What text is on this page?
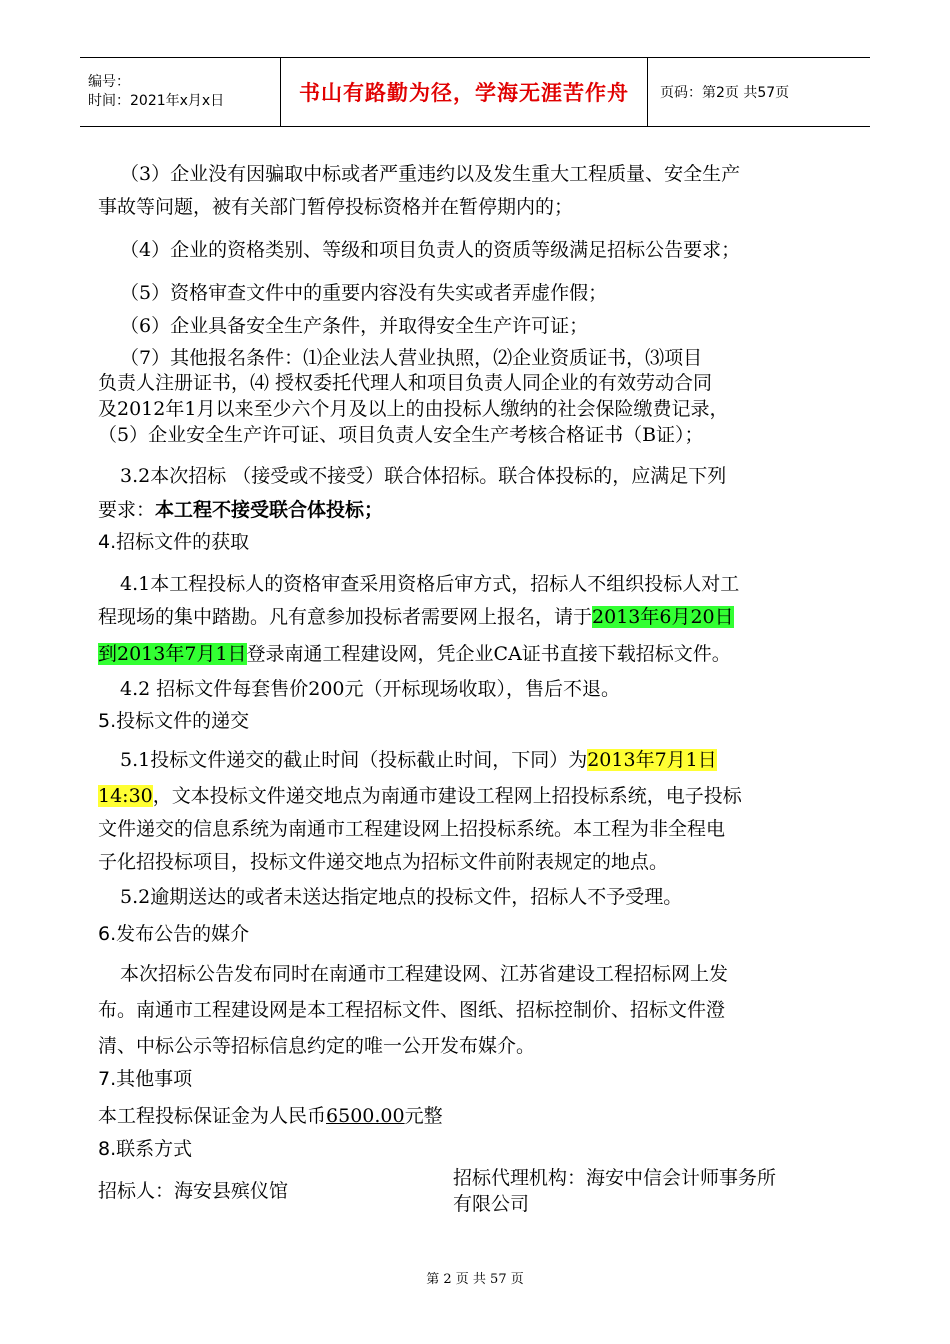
编号：
时间：2021年x月x日	书山有路勤为径，学海无涯苦作舟	页码：第2页 共57页
（3）企业没有因骗取中标或者严重违约以及发生重大工程质量、安全生产
事故等问题，被有关部门暂停投标资格并在暂停期内的；
（4）企业的资格类别、等级和项目负责人的资质等级满足招标公告要求；
（5）资格审查文件中的重要内容没有失实或者弄虚作假；
（6）企业具备安全生产条件，并取得安全生产许可证；
（7）其他报名条件：⑴企业法人营业执照，⑵企业资质证书，⑶项目
负责人注册证书，⑷ 授权委托代理人和项目负责人同企业的有效劳动合同
及2012年1月以来至少六个月及以上的由投标人缴纳的社会保险缴费记录，
（5）企业安全生产许可证、项目负责人安全生产考核合格证书（B证）；
3.2本次招标 （接受或不接受）联合体招标。联合体投标的，应满足下列
要求：本工程不接受联合体投标；
4.招标文件的获取
4.1本工程投标人的资格审查采用资格后审方式，招标人不组织投标人对工
程现场的集中踏勘。凡有意参加投标者需要网上报名，请于2013年6月20日
到2013年7月1日登录南通工程建设网，凭企业CA证书直接下载招标文件。
4.2 招标文件每套售价200元（开标现场收取），售后不退。
5.投标文件的递交
5.1投标文件递交的截止时间（投标截止时间，下同）为2013年7月1日
14:30，文本投标文件递交地点为南通市建设工程网上招投标系统，电子投标
文件递交的信息系统为南通市工程建设网上招投标系统。本工程为非全程电
子化招投标项目，投标文件递交地点为招标文件前附表规定的地点。
5.2逾期送达的或者未送达指定地点的投标文件，招标人不予受理。
6.发布公告的媒介
本次招标公告发布同时在南通市工程建设网、江苏省建设工程招标网上发
布。南通市工程建设网是本工程招标文件、图纸、招标控制价、招标文件澄
清、中标公示等招标信息约定的唯一公开发布媒介。
7.其他事项
本工程投标保证金为人民币6500.00元整
8.联系方式
招标人：海安县殡仪馆
招标代理机构：海安中信会计师事务所
有限公司
第 2 页 共 57 页
